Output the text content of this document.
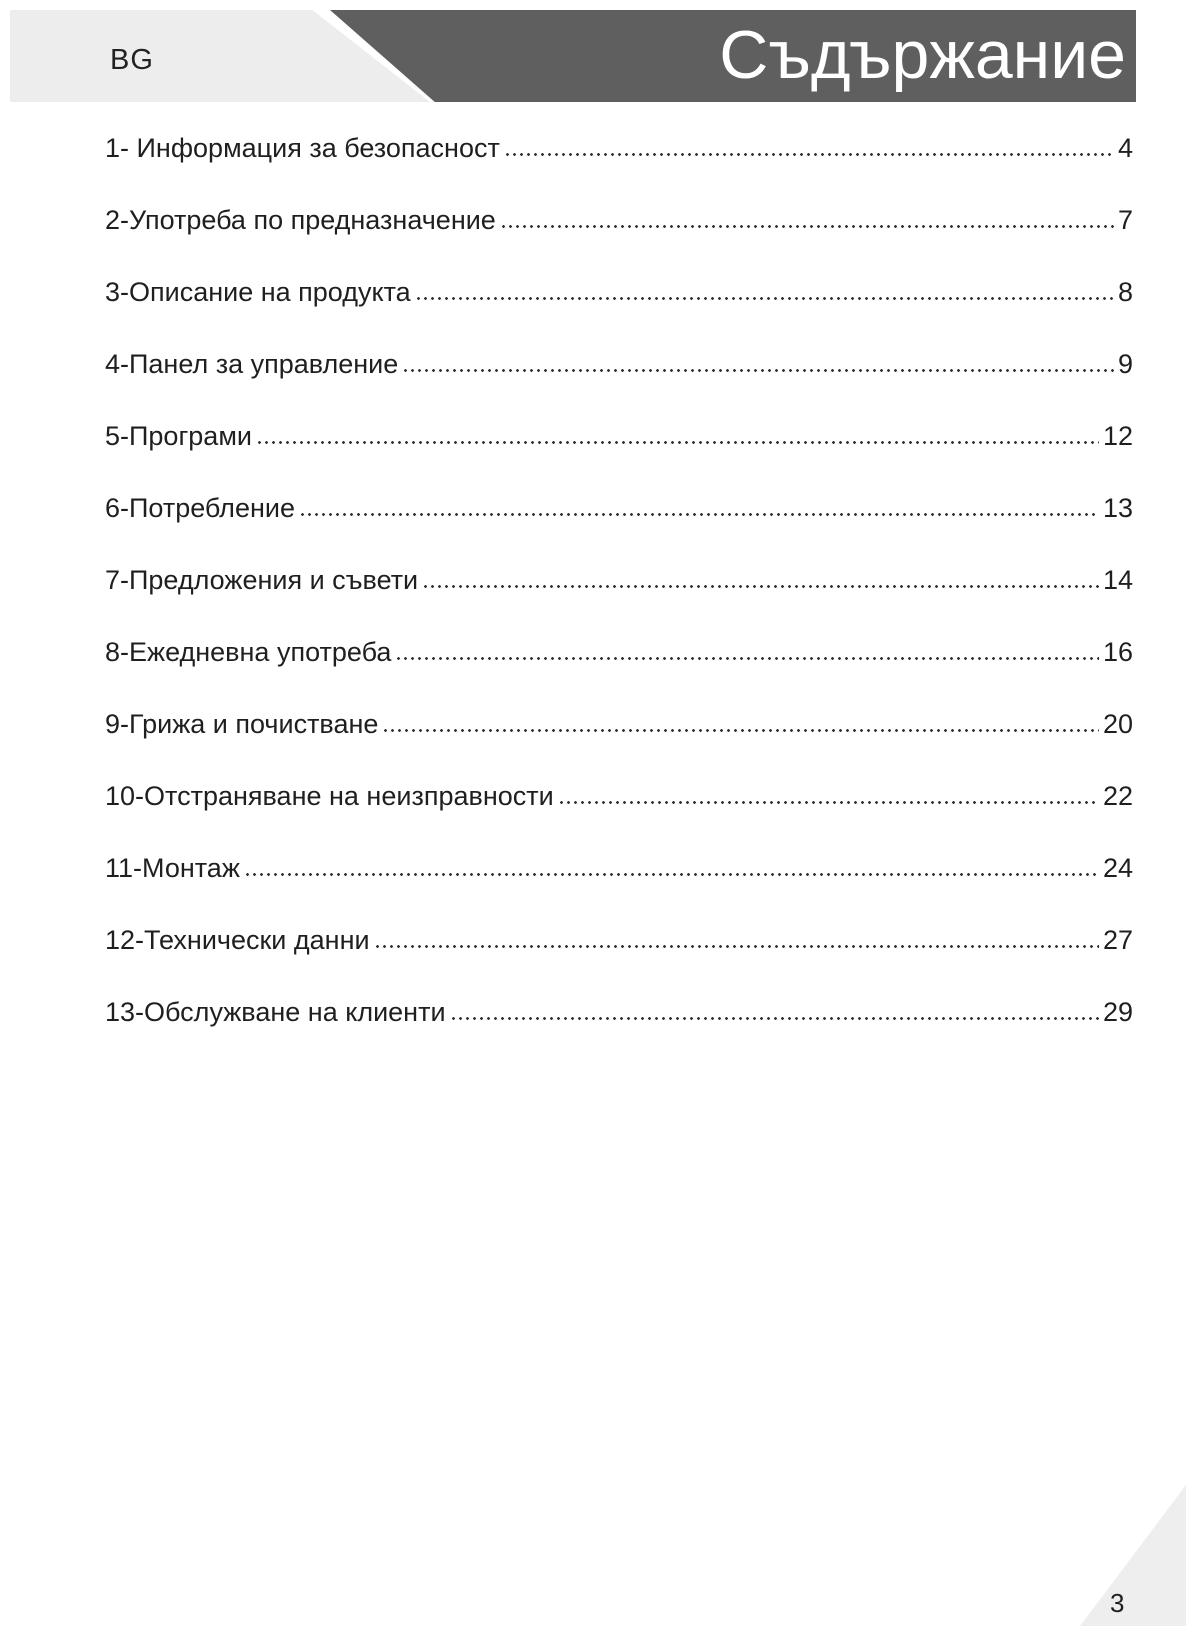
BG	Съдържание
1- Информация за безопасност	4
2-Употреба по предназначение	7
3-Описание на продукта	8
4-Панел за управление	9
5-Програми	12
6-Потребление	13
7-Предложения и съвети	14
8-Ежедневна употреба	16
9-Грижа и почистване	20
10-Отстраняване на неизправности	22
11-Монтаж	24
12-Технически данни	27
13-Обслужване на клиенти	29
3
